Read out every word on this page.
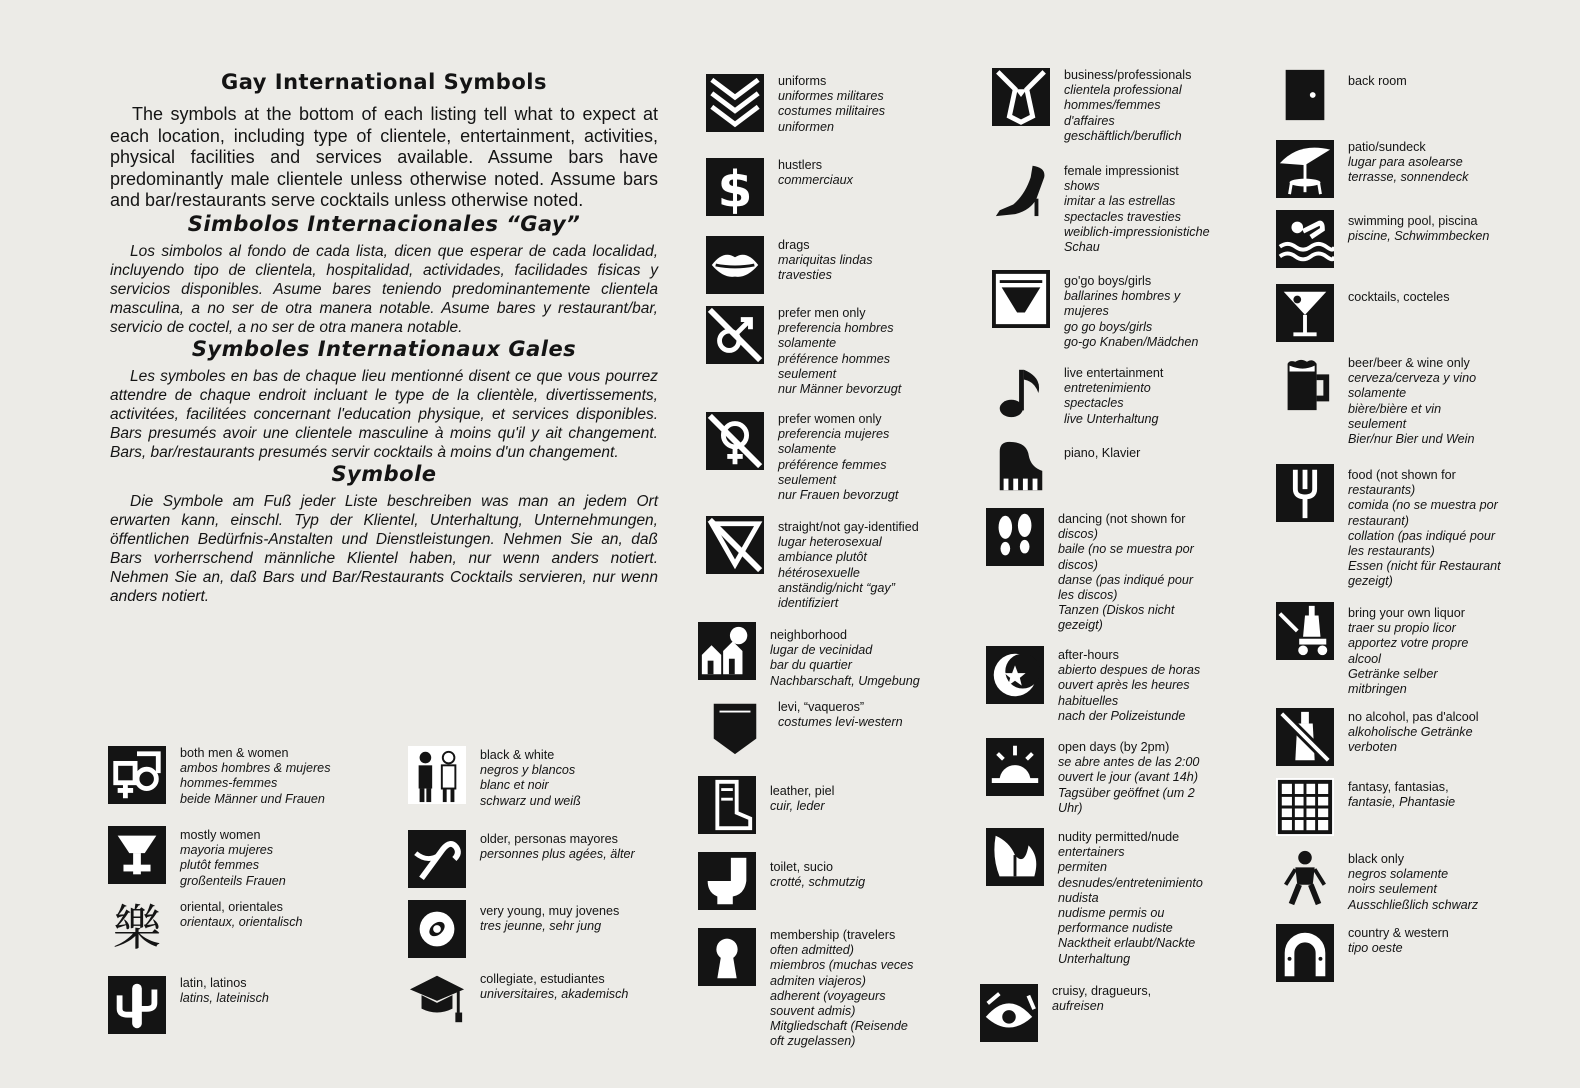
Gay International Symbols

The symbols at the bottom of each listing tell what to expect at each location, including type of clientele, entertainment, activities, physical facilities and services available. Assume bars have predominantly male clientele unless otherwise noted. Assume bars and bar/restaurants serve cocktails unless otherwise noted.

Simbolos Internacionales “Gay”

Los simbolos al fondo de cada lista, dicen que esperar de cada localidad, incluyendo tipo de clientela, hospitalidad, actividades, facilidades fisicas y servicios disponibles. Asume bares teniendo predominantemente clientela masculina, a no ser de otra manera notable. Asume bares y restaurant/bar, servicio de coctel, a no ser de otra manera notable.

Symboles Internationaux Gales

Les symboles en bas de chaque lieu mentionné disent ce que vous pourrez attendre de chaque endroit incluant le type de la clientèle, divertissements, activitées, facilitées concernant l'education physique, et services disponibles. Bars presumés avoir une clientele masculine à moins qu'il y ait changement. Bars, bar/restaurants presumés servir cocktails à moins d'un changement.

Symbole

Die Symbole am Fuß jeder Liste beschreiben was man an jedem Ort erwarten kann, einschl. Typ der Klientel, Unterhaltung, Unternehmungen, öffentlichen Bedürfnis-Anstalten und Dienstleistungen. Nehmen Sie an, daß Bars vorherrschend männliche Klientel haben, nur wenn anders notiert. Nehmen Sie an, daß Bars und Bar/Restaurants Cocktails servieren, nur wenn anders notiert.

both men & women
ambos hombres & mujeres
hommes-femmes
beide Männer und Frauen
mostly women
mayoria mujeres
plutôt femmes
großenteils Frauen
樂 oriental, orientales
orientaux, orientalisch
latin, latinos
latins, lateinisch
black & white
negros y blancos
blanc et noir
schwarz und weiß
older, personas mayores
personnes plus agées, älter
very young, muy jovenes
tres jeunne, sehr jung
collegiate, estudiantes
universitaires, akademisch
uniforms
uniformes militares
costumes militaires
uniformen
$ hustlers
commerciaux
drags
mariquitas lindas
travesties
prefer men only
preferencia hombres
solamente
préférence hommes
seulement
nur Männer bevorzugt
prefer women only
preferencia mujeres
solamente
préférence femmes
seulement
nur Frauen bevorzugt
straight/not gay-identified
lugar heterosexual
ambiance plutôt
hétérosexuelle
anständig/nicht “gay”
identifiziert
neighborhood
lugar de vecinidad
bar du quartier
Nachbarschaft, Umgebung
levi, “vaqueros”
costumes levi-western
leather, piel
cuir, leder
toilet, sucio
crotté, schmutzig
membership (travelers
often admitted)
miembros (muchas veces
admiten viajeros)
adherent (voyageurs
souvent admis)
Mitgliedschaft (Reisende
oft zugelassen)
business/professionals
clientela professional
hommes/femmes
d'affaires
geschäftlich/beruflich
female impressionist
shows
imitar a las estrellas
spectacles travesties
weiblich-impressionistiche
Schau
go'go boys/girls
ballarines hombres y
mujeres
go go boys/girls
go-go Knaben/Mädchen
live entertainment
entretenimiento
spectacles
live Unterhaltung
piano, Klavier
dancing (not shown for
discos)
baile (no se muestra por
discos)
danse (pas indiqué pour
les discos)
Tanzen (Diskos nicht
gezeigt)
after-hours
abierto despues de horas
ouvert après les heures
habituelles
nach der Polizeistunde
open days (by 2pm)
se abre antes de las 2:00
ouvert le jour (avant 14h)
Tagsüber geöffnet (um 2
Uhr)
nudity permitted/nude
entertainers
permiten
desnudes/entretenimiento
nudista
nudisme permis ou
performance nudiste
Nacktheit erlaubt/Nackte
Unterhaltung
cruisy, dragueurs,
aufreisen
back room
patio/sundeck
lugar para asolearse
terrasse, sonnendeck
swimming pool, piscina
piscine, Schwimmbecken
cocktails, cocteles
beer/beer & wine only
cerveza/cerveza y vino
solamente
bière/bière et vin
seulement
Bier/nur Bier und Wein
food (not shown for
restaurants)
comida (no se muestra por
restaurant)
collation (pas indiqué pour
les restaurants)
Essen (nicht für Restaurant
gezeigt)
bring your own liquor
traer su propio licor
apportez votre propre
alcool
Getränke selber
mitbringen
no alcohol, pas d'alcool
alkoholische Getränke
verboten
fantasy, fantasias,
fantasie, Phantasie
black only
negros solamente
noirs seulement
Ausschließlich schwarz
country & western
tipo oeste
